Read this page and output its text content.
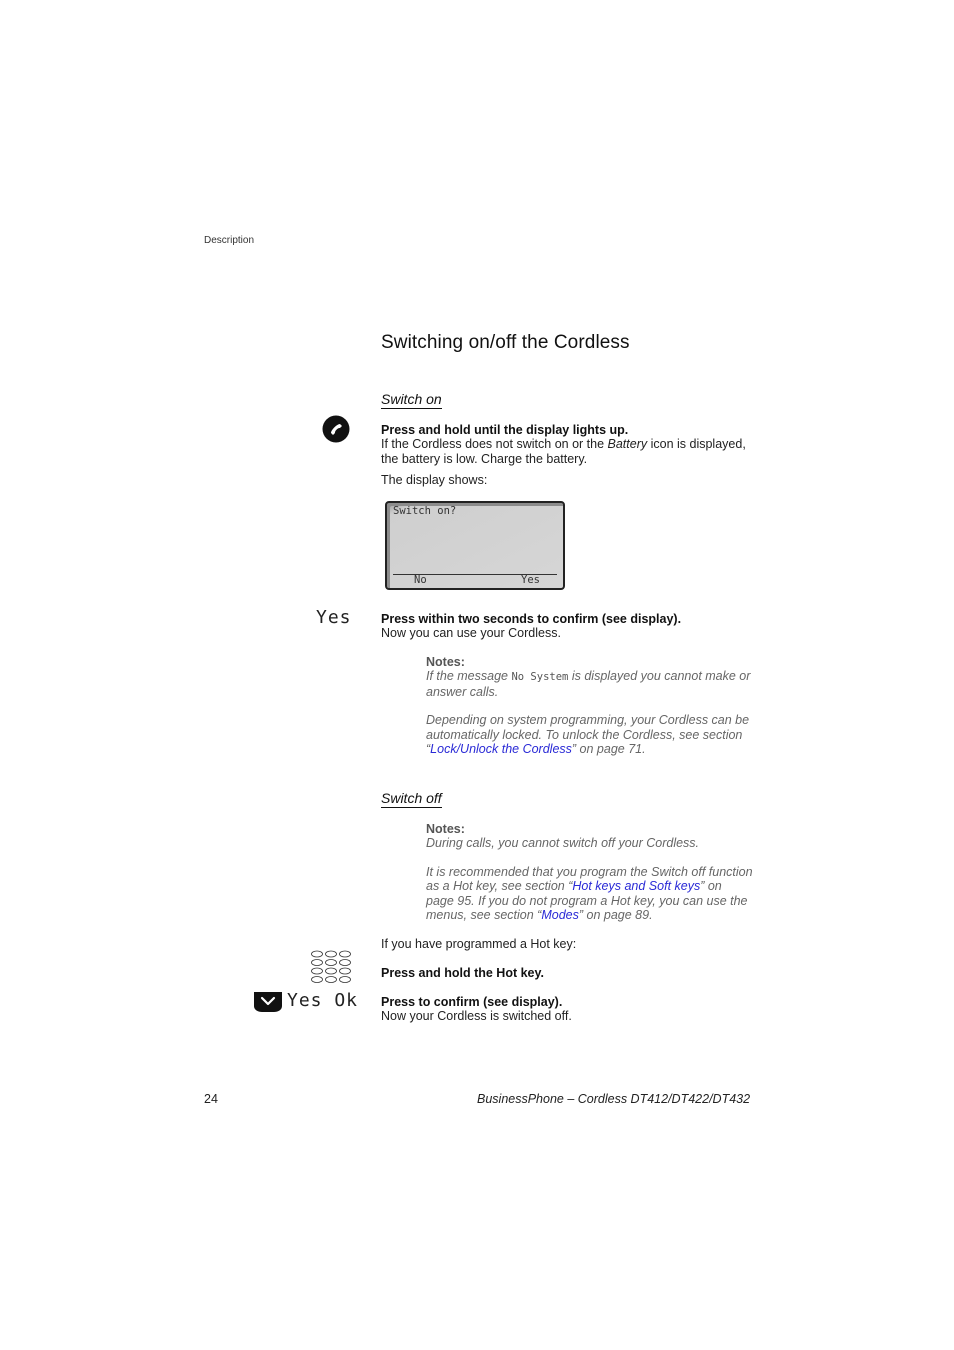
Description
Switching on/off the Cordless
Switch on
Press and hold until the display lights up.
If the Cordless does not switch on or the Battery icon is displayed,
the battery is low. Charge the battery.
The display shows:
Switch on?
No	Yes
Yes Press within two seconds to confirm (see display).
Now you can use your Cordless.
Notes:
If the message No System is displayed you cannot make or
answer calls.
Depending on system programming, your Cordless can be
automatically locked. To unlock the Cordless, see section
“Lock/Unlock the Cordless” on page 71.
Switch off
Notes:
During calls, you cannot switch off your Cordless.
It is recommended that you program the Switch off function
as a Hot key, see section “Hot keys and Soft keys” on
page 95. If you do not program a Hot key, you can use the
menus, see section “Modes” on page 89.
If you have programmed a Hot key:
Press and hold the Hot key.
Yes Ok Press to confirm (see display).
Now your Cordless is switched off.
24	BusinessPhone – Cordless DT412/DT422/DT432
